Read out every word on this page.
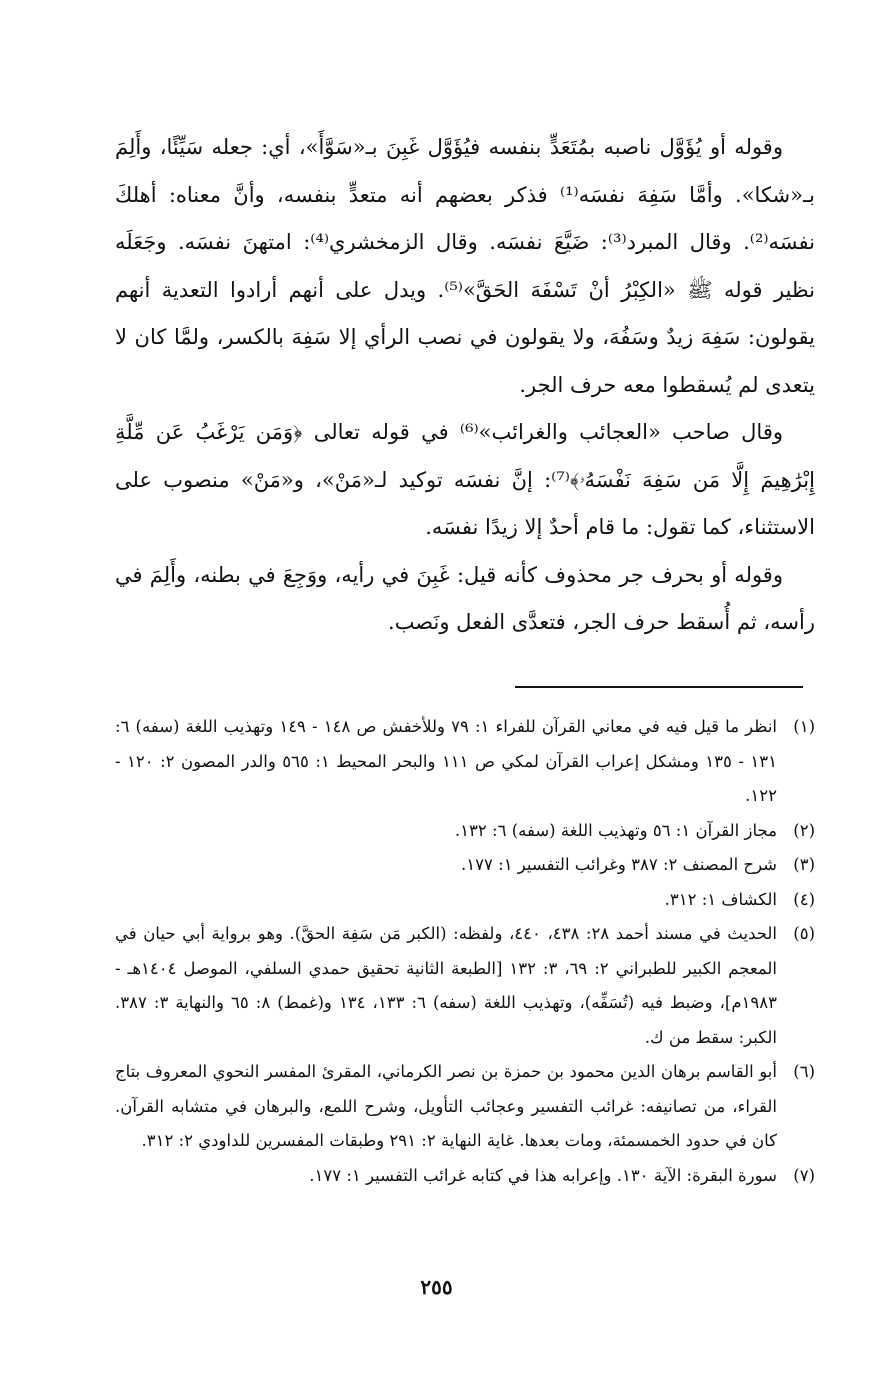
وقوله أو يُؤَوَّل ناصبه بمُتَعَدٍّ بنفسه فيُؤَوَّل غَبِنَ بـ«سَوَّأَ»، أي: جعله سَيِّئًا، وأَلِمَ بـ«شكا». وأمَّا سَفِهَ نفسَه⁽¹⁾ فذكر بعضهم أنه متعدٍّ بنفسه، وأنَّ معناه: أهلكَ نفسَه⁽²⁾. وقال المبرد⁽³⁾: ضَيَّعَ نفسَه. وقال الزمخشري⁽⁴⁾: امتهنَ نفسَه. وجَعَلَه نظير قوله ﷺ «الكِبْرُ أنْ تَسْفَهَ الحَقَّ»⁽⁵⁾. ويدل على أنهم أرادوا التعدية أنهم يقولون: سَفِهَ زيدٌ وسَفُهَ، ولا يقولون في نصب الرأي إلا سَفِهَ بالكسر، ولمَّا كان لا يتعدى لم يُسقطوا معه حرف الجر.

وقال صاحب «العجائب والغرائب»⁽⁶⁾ في قوله تعالى ﴿وَمَن يَرْغَبُ عَن مِّلَّةِ إِبْرَٰهِيمَ إِلَّا مَن سَفِهَ نَفْسَهُۥ﴾⁽⁷⁾: إنَّ نفسَه توكيد لـ«مَنْ»، و«مَنْ» منصوب على الاستثناء، كما تقول: ما قام أحدٌ إلا زيدًا نفسَه.

وقوله أو بحرف جر محذوف كأنه قيل: غَبِنَ في رأيه، ووَجِعَ في بطنه، وأَلِمَ في رأسه، ثم أُسقط حرف الجر، فتعدَّى الفعل ونَصب.

(١)
انظر ما قيل فيه في معاني القرآن للفراء ١: ٧٩ وللأخفش ص ١٤٨ - ١٤٩ وتهذيب اللغة (سفه) ٦: ١٣١ - ١٣٥ ومشكل إعراب القرآن لمكي ص ١١١ والبحر المحيط ١: ٥٦٥ والدر المصون ٢: ١٢٠ - ١٢٢.
(٢)
مجاز القرآن ١: ٥٦ وتهذيب اللغة (سفه) ٦: ١٣٢.
(٣)
شرح المصنف ٢: ٣٨٧ وغرائب التفسير ١: ١٧٧.
(٤)
الكشاف ١: ٣١٢.
(٥)
الحديث في مسند أحمد ٢٨: ٤٣٨، ٤٤٠، ولفظه: (الكبر مَن سَفِهَ الحقَّ). وهو برواية أبي حيان في المعجم الكبير للطبراني ٢: ٦٩، ٣: ١٣٢ [الطبعة الثانية تحقيق حمدي السلفي، الموصل ١٤٠٤هـ - ١٩٨٣م]، وضبط فيه (تُسَفِّه)، وتهذيب اللغة (سفه) ٦: ١٣٣، ١٣٤ و(غمط) ٨: ٦٥ والنهاية ٣: ٣٨٧. الكبر: سقط من ك.
(٦)
أبو القاسم برهان الدين محمود بن حمزة بن نصر الكرماني، المقرئ المفسر النحوي المعروف بتاج القراء، من تصانيفه: غرائب التفسير وعجائب التأويل، وشرح اللمع، والبرهان في متشابه القرآن. كان في حدود الخمسمئة، ومات بعدها. غاية النهاية ٢: ٢٩١ وطبقات المفسرين للداودي ٢: ٣١٢.
(٧)
سورة البقرة: الآية ١٣٠. وإعرابه هذا في كتابه غرائب التفسير ١: ١٧٧.
٢٥٥
